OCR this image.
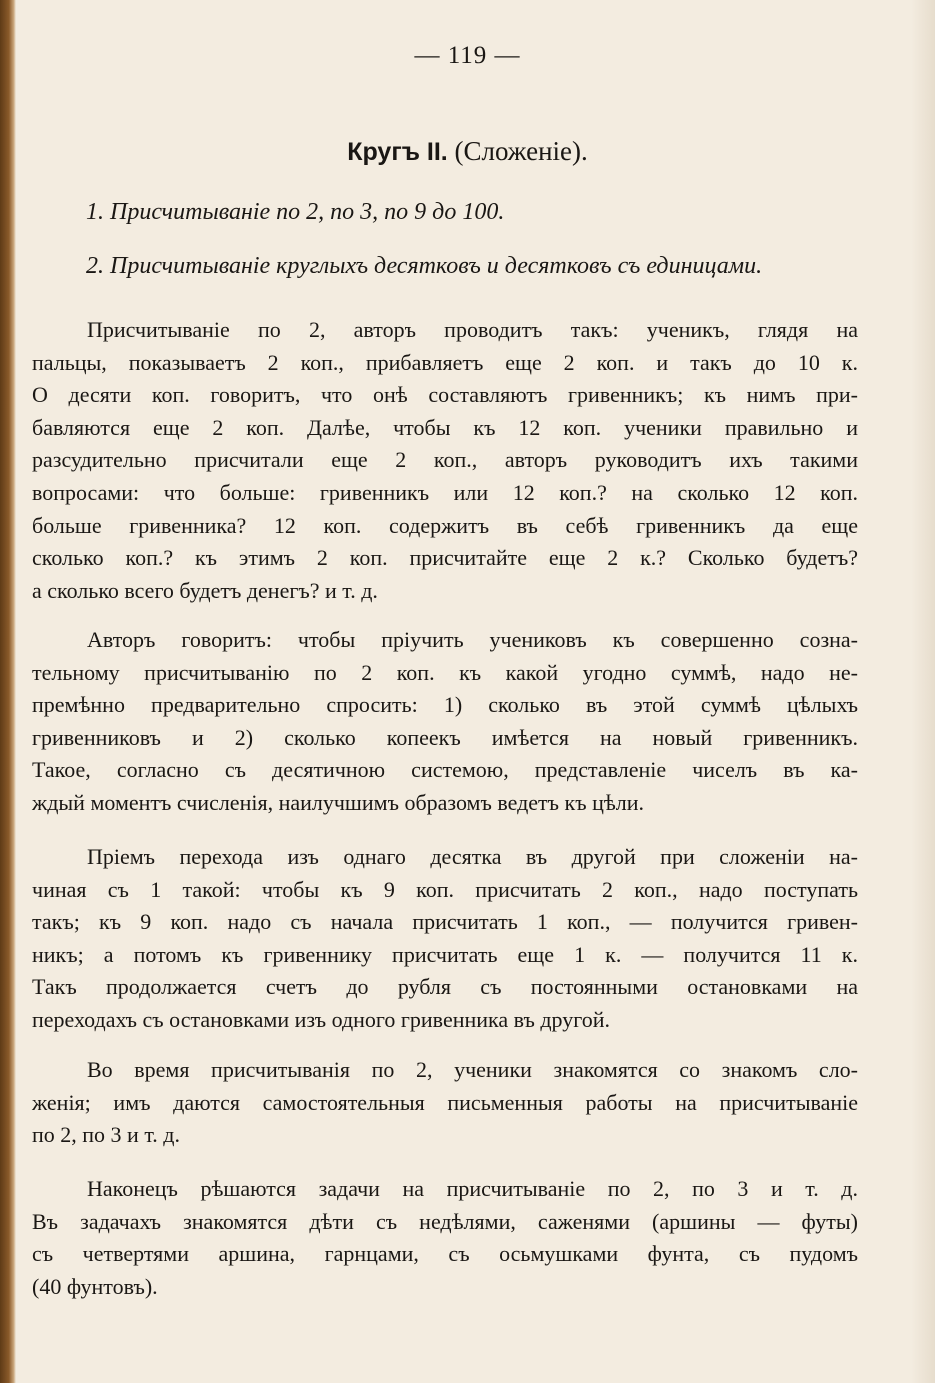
— 119 —
Кругъ II. (Сложеніе).
1. Присчитываніе по 2, по 3, по 9 до 100.
2. Присчитываніе круглыхъ десятковъ и десятковъ съ единицами.
Присчитываніе по 2, авторъ проводитъ такъ: ученикъ, глядя на
пальцы, показываетъ 2 коп., прибавляетъ еще 2 коп. и такъ до 10 к.
О десяти коп. говоритъ, что онѣ составляютъ гривенникъ; къ нимъ при-
бавляются еще 2 коп. Далѣе, чтобы къ 12 коп. ученики правильно и
разсудительно присчитали еще 2 коп., авторъ руководитъ ихъ такими
вопросами: что больше: гривенникъ или 12 коп.? на сколько 12 коп.
больше гривенника? 12 коп. содержитъ въ себѣ гривенникъ да еще
сколько коп.? къ этимъ 2 коп. присчитайте еще 2 к.? Сколько будетъ?
а сколько всего будетъ денегъ? и т. д.
Авторъ говоритъ: чтобы пріучить учениковъ къ совершенно созна-
тельному присчитыванію по 2 коп. къ какой угодно суммѣ, надо не-
премѣнно предварительно спросить: 1) сколько въ этой суммѣ цѣлыхъ
гривенниковъ и 2) сколько копеекъ имѣется на новый гривенникъ.
Такое, согласно съ десятичною системою, представленіе чиселъ въ ка-
ждый моментъ счисленія, наилучшимъ образомъ ведетъ къ цѣли.
Пріемъ перехода изъ однаго десятка въ другой при сложеніи на-
чиная съ 1 такой: чтобы къ 9 коп. присчитать 2 коп., надо поступать
такъ; къ 9 коп. надо съ начала присчитать 1 коп., — получится гривен-
никъ; а потомъ къ гривеннику присчитать еще 1 к. — получится 11 к.
Такъ продолжается счетъ до рубля съ постоянными остановками на
переходахъ съ остановками изъ одного гривенника въ другой.
Во время присчитыванія по 2, ученики знакомятся со знакомъ сло-
женія; имъ даются самостоятельныя письменныя работы на присчитываніе
по 2, по 3 и т. д.
Наконецъ рѣшаются задачи на присчитываніе по 2, по 3 и т. д.
Въ задачахъ знакомятся дѣти съ недѣлями, саженями (аршины — футы)
съ четвертями аршина, гарнцами, съ осьмушками фунта, съ пудомъ
(40 фунтовъ).
